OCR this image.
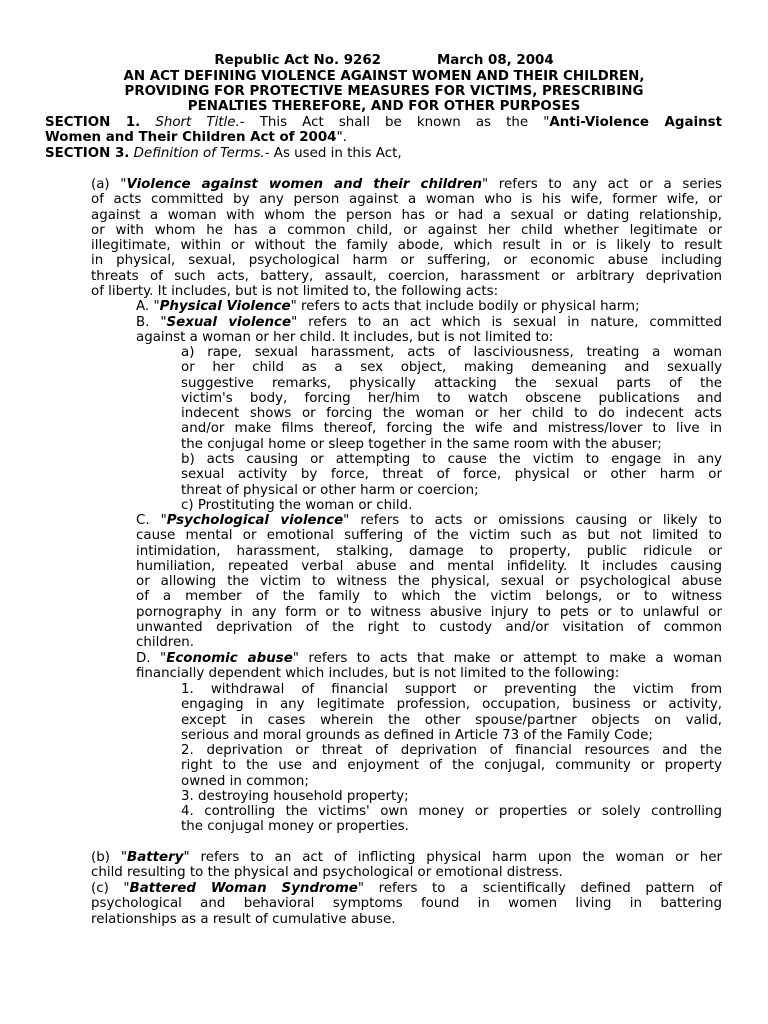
Republic Act No. 9262	March 08, 2004
AN ACT DEFINING VIOLENCE AGAINST WOMEN AND THEIR CHILDREN,
PROVIDING FOR PROTECTIVE MEASURES FOR VICTIMS, PRESCRIBING
PENALTIES THEREFORE, AND FOR OTHER PURPOSES
SECTION 1. Short Title.- This Act shall be known as the "Anti-Violence Against
Women and Their Children Act of 2004".
SECTION 3. Definition of Terms.- As used in this Act,
(a) "Violence against women and their children" refers to any act or a series
of acts committed by any person against a woman who is his wife, former wife, or
against a woman with whom the person has or had a sexual or dating relationship,
or with whom he has a common child, or against her child whether legitimate or
illegitimate, within or without the family abode, which result in or is likely to result
in physical, sexual, psychological harm or suffering, or economic abuse including
threats of such acts, battery, assault, coercion, harassment or arbitrary deprivation
of liberty. It includes, but is not limited to, the following acts:
A. "Physical Violence" refers to acts that include bodily or physical harm;
B. "Sexual violence" refers to an act which is sexual in nature, committed
against a woman or her child. It includes, but is not limited to:
a) rape, sexual harassment, acts of lasciviousness, treating a woman
or her child as a sex object, making demeaning and sexually
suggestive remarks, physically attacking the sexual parts of the
victim's body, forcing her/him to watch obscene publications and
indecent shows or forcing the woman or her child to do indecent acts
and/or make films thereof, forcing the wife and mistress/lover to live in
the conjugal home or sleep together in the same room with the abuser;
b) acts causing or attempting to cause the victim to engage in any
sexual activity by force, threat of force, physical or other harm or
threat of physical or other harm or coercion;
c) Prostituting the woman or child.
C. "Psychological violence" refers to acts or omissions causing or likely to
cause mental or emotional suffering of the victim such as but not limited to
intimidation, harassment, stalking, damage to property, public ridicule or
humiliation, repeated verbal abuse and mental infidelity. It includes causing
or allowing the victim to witness the physical, sexual or psychological abuse
of a member of the family to which the victim belongs, or to witness
pornography in any form or to witness abusive injury to pets or to unlawful or
unwanted deprivation of the right to custody and/or visitation of common
children.
D. "Economic abuse" refers to acts that make or attempt to make a woman
financially dependent which includes, but is not limited to the following:
1. withdrawal of financial support or preventing the victim from
engaging in any legitimate profession, occupation, business or activity,
except in cases wherein the other spouse/partner objects on valid,
serious and moral grounds as defined in Article 73 of the Family Code;
2. deprivation or threat of deprivation of financial resources and the
right to the use and enjoyment of the conjugal, community or property
owned in common;
3. destroying household property;
4. controlling the victims' own money or properties or solely controlling
the conjugal money or properties.
(b) "Battery" refers to an act of inflicting physical harm upon the woman or her
child resulting to the physical and psychological or emotional distress.
(c) "Battered Woman Syndrome" refers to a scientifically defined pattern of
psychological and behavioral symptoms found in women living in battering
relationships as a result of cumulative abuse.
